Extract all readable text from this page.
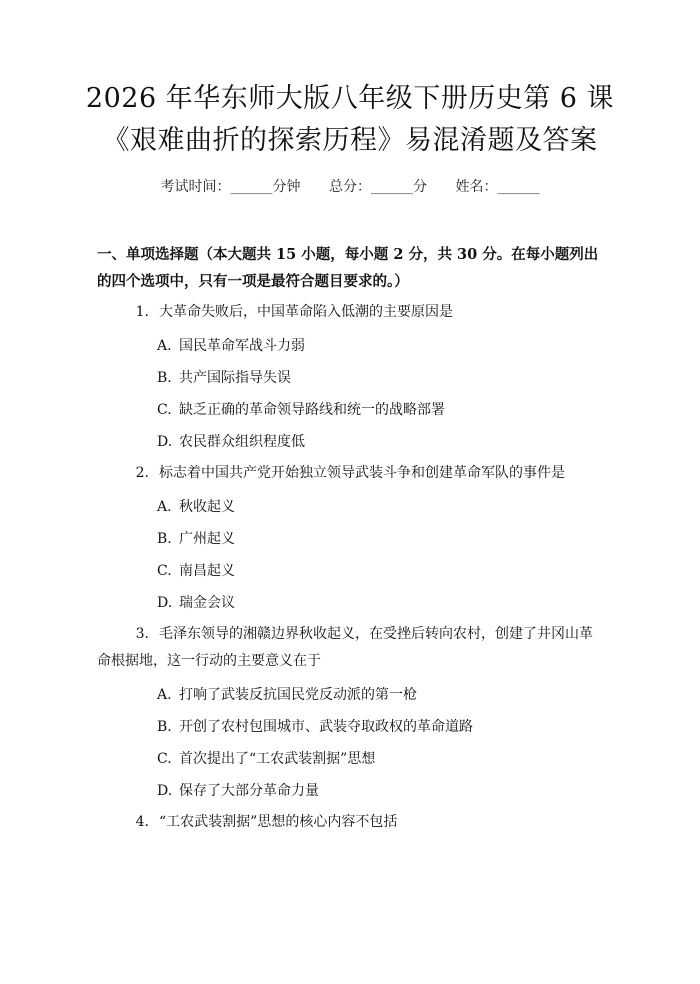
2026 年华东师大版八年级下册历史第 6 课
《艰难曲折的探索历程》易混淆题及答案
考试时间：______分钟 总分：______分 姓名：______
一、单项选择题（本大题共 15 小题，每小题 2 分，共 30 分。在每小题列出的四个选项中，只有一项是最符合题目要求的。）
1. 大革命失败后，中国革命陷入低潮的主要原因是
A. 国民革命军战斗力弱
B. 共产国际指导失误
C. 缺乏正确的革命领导路线和统一的战略部署
D. 农民群众组织程度低
2. 标志着中国共产党开始独立领导武装斗争和创建革命军队的事件是
A. 秋收起义
B. 广州起义
C. 南昌起义
D. 瑞金会议
3. 毛泽东领导的湘赣边界秋收起义，在受挫后转向农村，创建了井冈山革命根据地，这一行动的主要意义在于
A. 打响了武装反抗国民党反动派的第一枪
B. 开创了农村包围城市、武装夺取政权的革命道路
C. 首次提出了“工农武装割据”思想
D. 保存了大部分革命力量
4. “工农武装割据”思想的核心内容不包括
